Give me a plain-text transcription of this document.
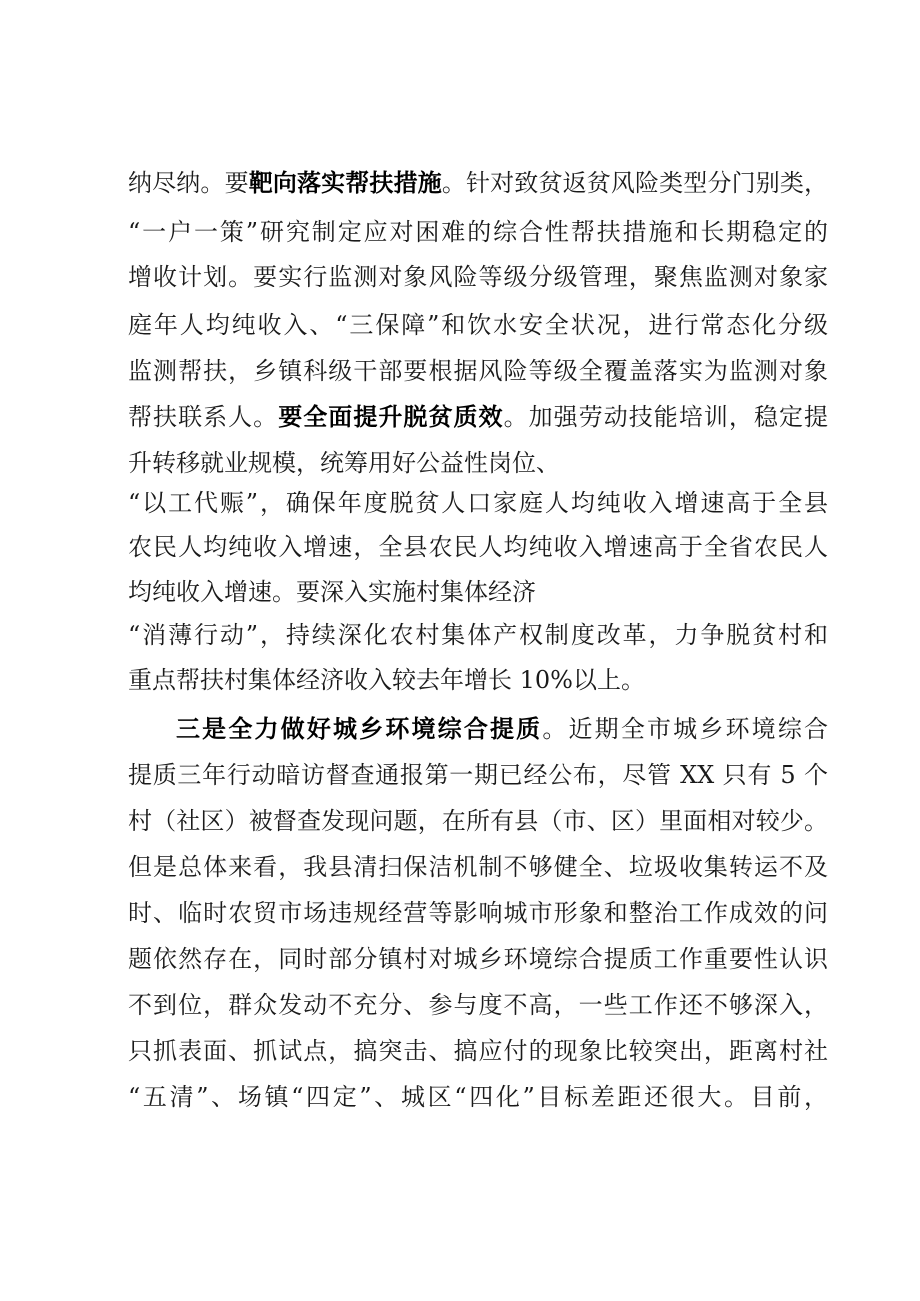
纳尽纳。要靶向落实帮扶措施。针对致贫返贫风险类型分门别类，
“一户一策”研究制定应对困难的综合性帮扶措施和长期稳定的
增收计划。要实行监测对象风险等级分级管理，聚焦监测对象家
庭年人均纯收入、“三保障”和饮水安全状况，进行常态化分级
监测帮扶，乡镇科级干部要根据风险等级全覆盖落实为监测对象
帮扶联系人。要全面提升脱贫质效。加强劳动技能培训，稳定提
升转移就业规模，统筹用好公益性岗位、
“以工代赈”，确保年度脱贫人口家庭人均纯收入增速高于全县
农民人均纯收入增速，全县农民人均纯收入增速高于全省农民人
均纯收入增速。要深入实施村集体经济
“消薄行动”，持续深化农村集体产权制度改革，力争脱贫村和
重点帮扶村集体经济收入较去年增长 10%以上。
三是全力做好城乡环境综合提质。近期全市城乡环境综合
提质三年行动暗访督查通报第一期已经公布，尽管 XX 只有 5 个
村（社区）被督查发现问题，在所有县（市、区）里面相对较少。
但是总体来看，我县清扫保洁机制不够健全、垃圾收集转运不及
时、临时农贸市场违规经营等影响城市形象和整治工作成效的问
题依然存在，同时部分镇村对城乡环境综合提质工作重要性认识
不到位，群众发动不充分、参与度不高，一些工作还不够深入，
只抓表面、抓试点，搞突击、搞应付的现象比较突出，距离村社
“五清”、场镇“四定”、城区“四化”目标差距还很大。目前，
